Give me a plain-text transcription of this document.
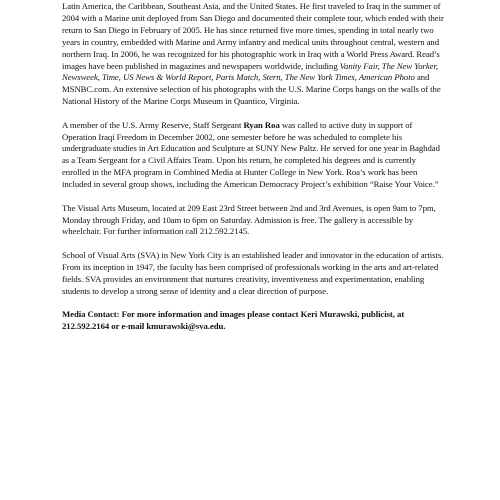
Latin America, the Caribbean, Southeast Asia, and the United States. He first traveled to Iraq in the summer of 2004 with a Marine unit deployed from San Diego and documented their complete tour, which ended with their return to San Diego in February of 2005. He has since returned five more times, spending in total nearly two years in country, embedded with Marine and Army infantry and medical units throughout central, western and northern Iraq. In 2006, he was recognized for his photographic work in Iraq with a World Press Award. Read’s images have been published in magazines and newspapers worldwide, including Vanity Fair, The New Yorker, Newsweek, Time, US News & World Report, Paris Match, Stern, The New York Times, American Photo and MSNBC.com. An extensive selection of his photographs with the U.S. Marine Corps hangs on the walls of the National History of the Marine Corps Museum in Quantico, Virginia.

A member of the U.S. Army Reserve, Staff Sergeant Ryan Roa was called to active duty in support of Operation Iraqi Freedom in December 2002, one semester before he was scheduled to complete his undergraduate studies in Art Education and Sculpture at SUNY New Paltz. He served for one year in Baghdad as a Team Sergeant for a Civil Affairs Team. Upon his return, he completed his degrees and is currently enrolled in the MFA program in Combined Media at Hunter College in New York. Roa’s work has been included in several group shows, including the American Democracy Project’s exhibition “Raise Your Voice.”

The Visual Arts Museum, located at 209 East 23rd Street between 2nd and 3rd Avenues, is open 9am to 7pm, Monday through Friday, and 10am to 6pm on Saturday. Admission is free. The gallery is accessible by wheelchair. For further information call 212.592.2145.

School of Visual Arts (SVA) in New York City is an established leader and innovator in the education of artists. From its inception in 1947, the faculty has been comprised of professionals working in the arts and art-related fields. SVA provides an environment that nurtures creativity, inventiveness and experimentation, enabling students to develop a strong sense of identity and a clear direction of purpose.

Media Contact: For more information and images please contact Keri Murawski, publicist, at 212.592.2164 or e-mail kmurawski@sva.edu.
